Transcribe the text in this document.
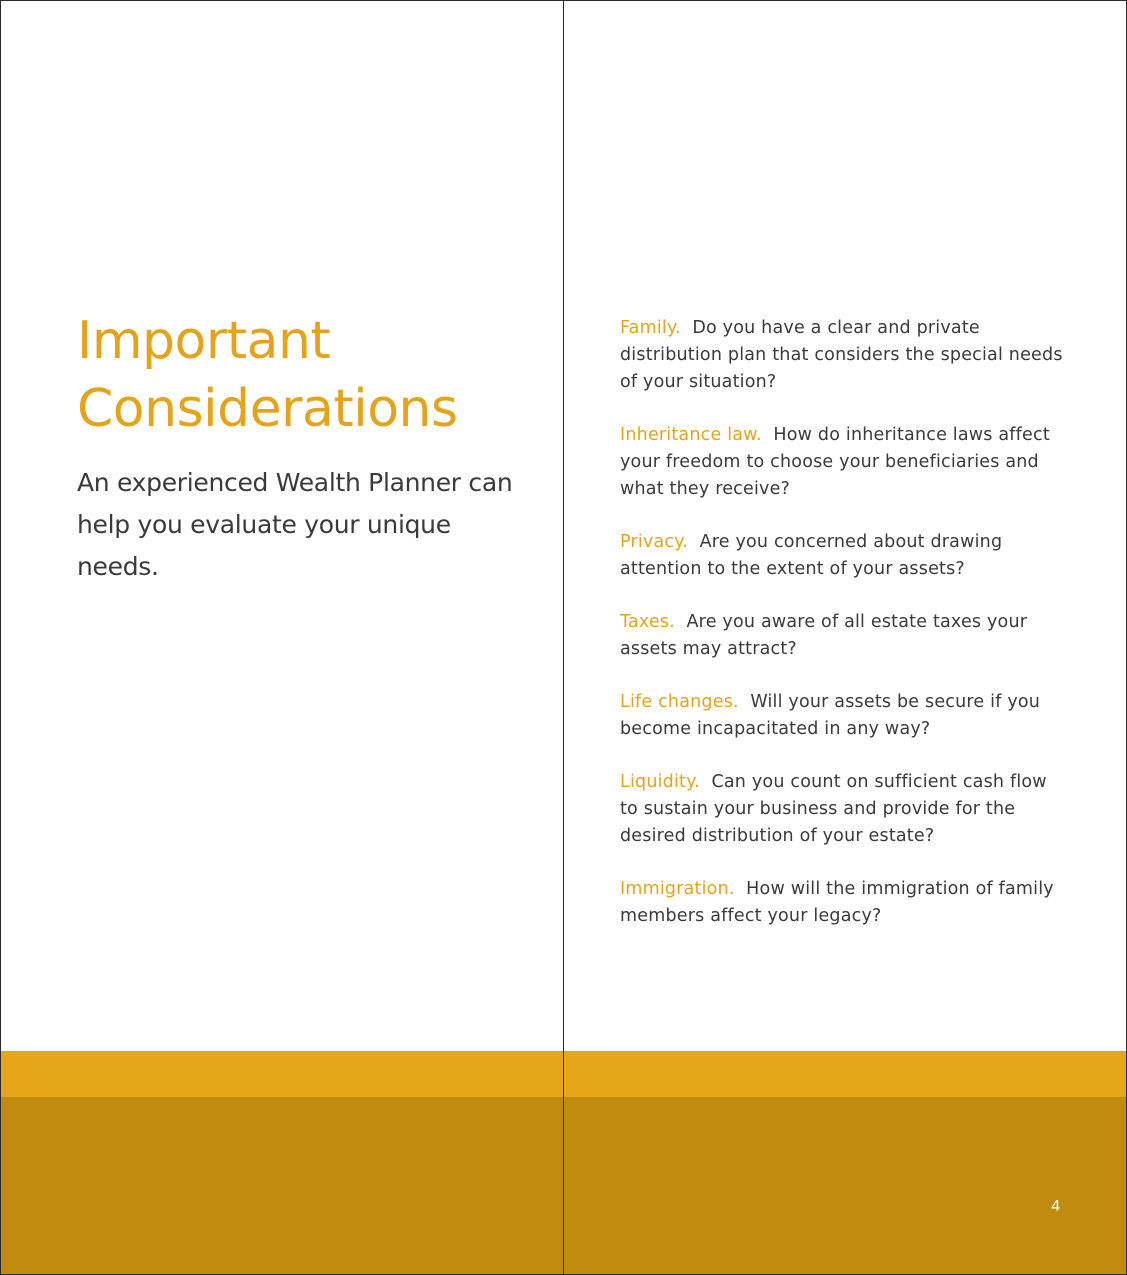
Important
Considerations

An experienced Wealth Planner can help you evaluate your unique needs.

Family. Do you have a clear and private distribution plan that considers the special needs of your situation?
Inheritance law. How do inheritance laws affect your freedom to choose your beneficiaries and what they receive?
Privacy. Are you concerned about drawing attention to the extent of your assets?
Taxes. Are you aware of all estate taxes your assets may attract?
Life changes. Will your assets be secure if you become incapacitated in any way?
Liquidity. Can you count on sufficient cash flow to sustain your business and provide for the desired distribution of your estate?
Immigration. How will the immigration of family members affect your legacy?
4
